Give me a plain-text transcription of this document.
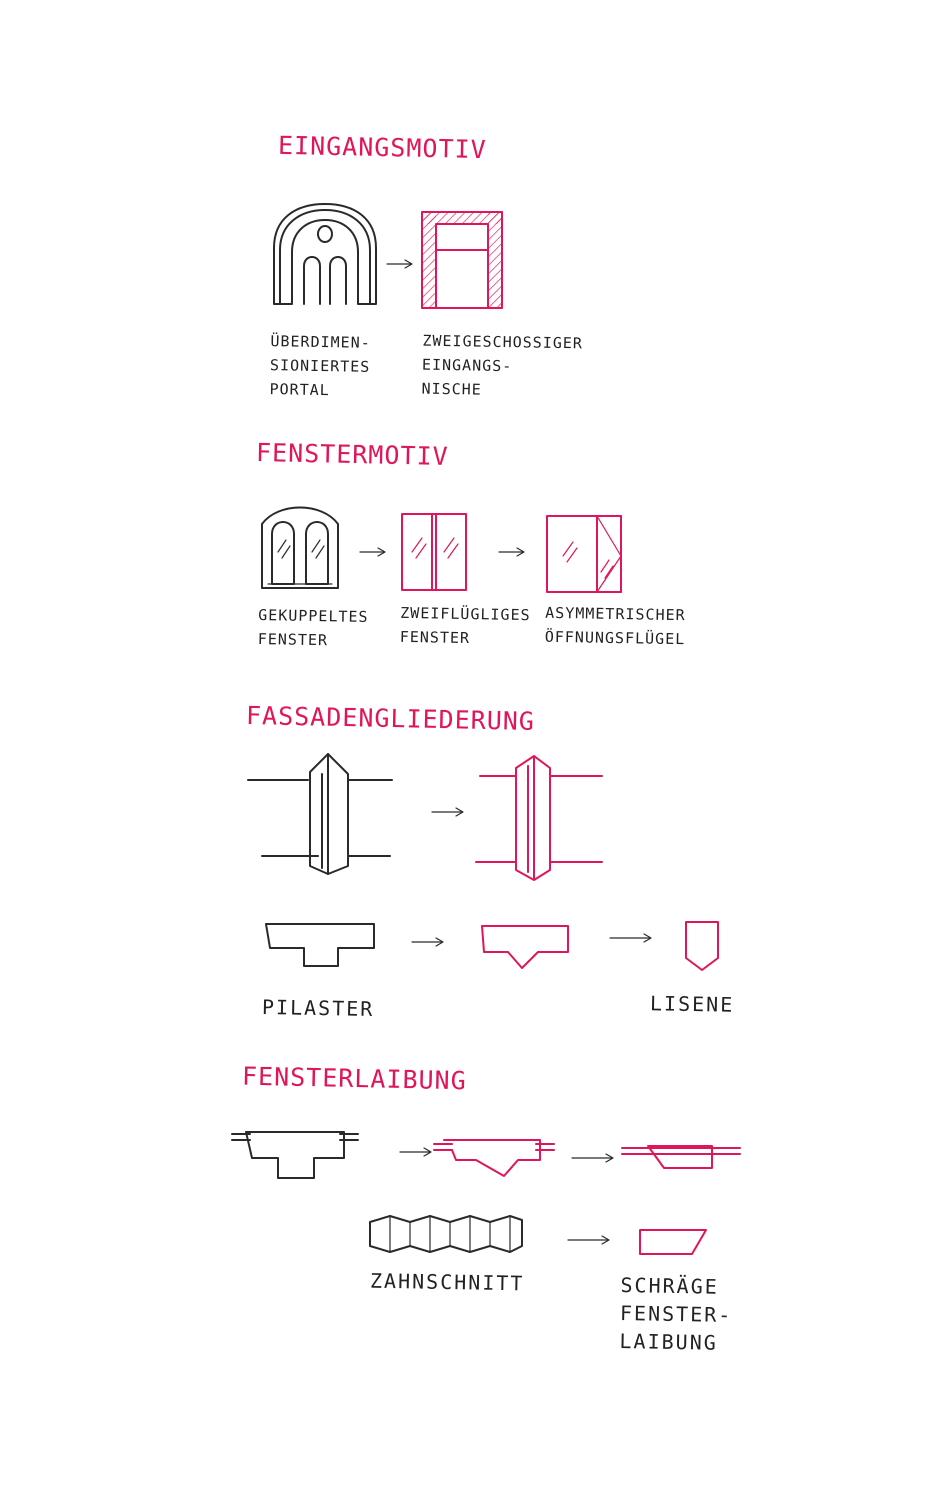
EINGANGSMOTIV
ÜBERDIMEN-
SIONIERTES
PORTAL
ZWEIGESCHOSSIGER
EINGANGS-
NISCHE
FENSTERMOTIV
GEKUPPELTES
FENSTER
ZWEIFLÜGLIGES
FENSTER
ASYMMETRISCHER
ÖFFNUNGSFLÜGEL
FASSADENGLIEDERUNG
PILASTER	LISENE
FENSTERLAIBUNG
ZAHNSCHNITT	SCHRÄGE
FENSTER-
LAIBUNG
